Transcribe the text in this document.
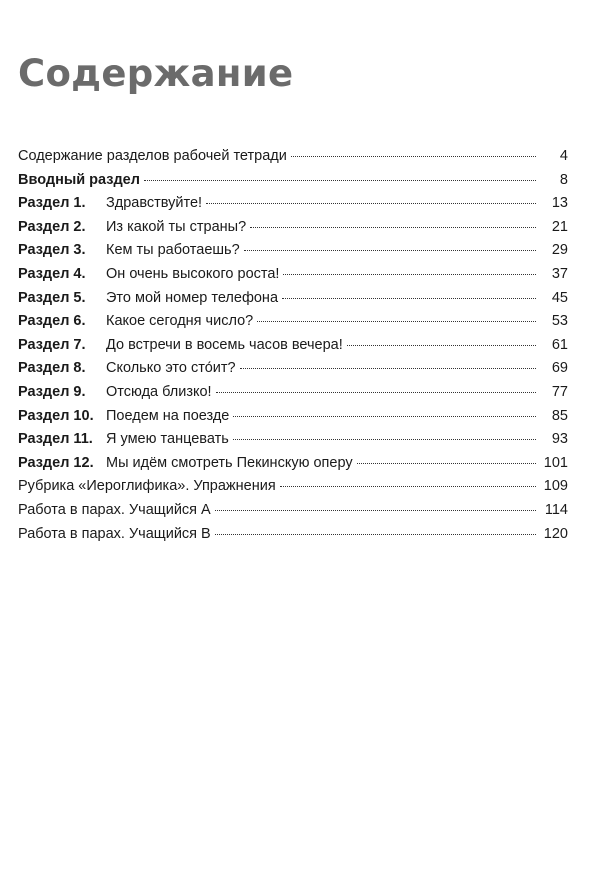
Содержание
Содержание разделов рабочей тетради	4
Вводный раздел	8
Раздел 1.	Здравствуйте!	13
Раздел 2.	Из какой ты страны?	21
Раздел 3.	Кем ты работаешь?	29
Раздел 4.	Он очень высокого роста!	37
Раздел 5.	Это мой номер телефона	45
Раздел 6.	Какое сегодня число?	53
Раздел 7.	До встречи в восемь часов вечера!	61
Раздел 8.	Сколько это сто́ит?	69
Раздел 9.	Отсюда близко!	77
Раздел 10. Поедем на поезде	85
Раздел 11. Я умею танцевать	93
Раздел 12. Мы идём смотреть Пекинскую оперу	101
Рубрика «Иероглифика». Упражнения	109
Работа в парах. Учащийся А	114
Работа в парах. Учащийся В	120
